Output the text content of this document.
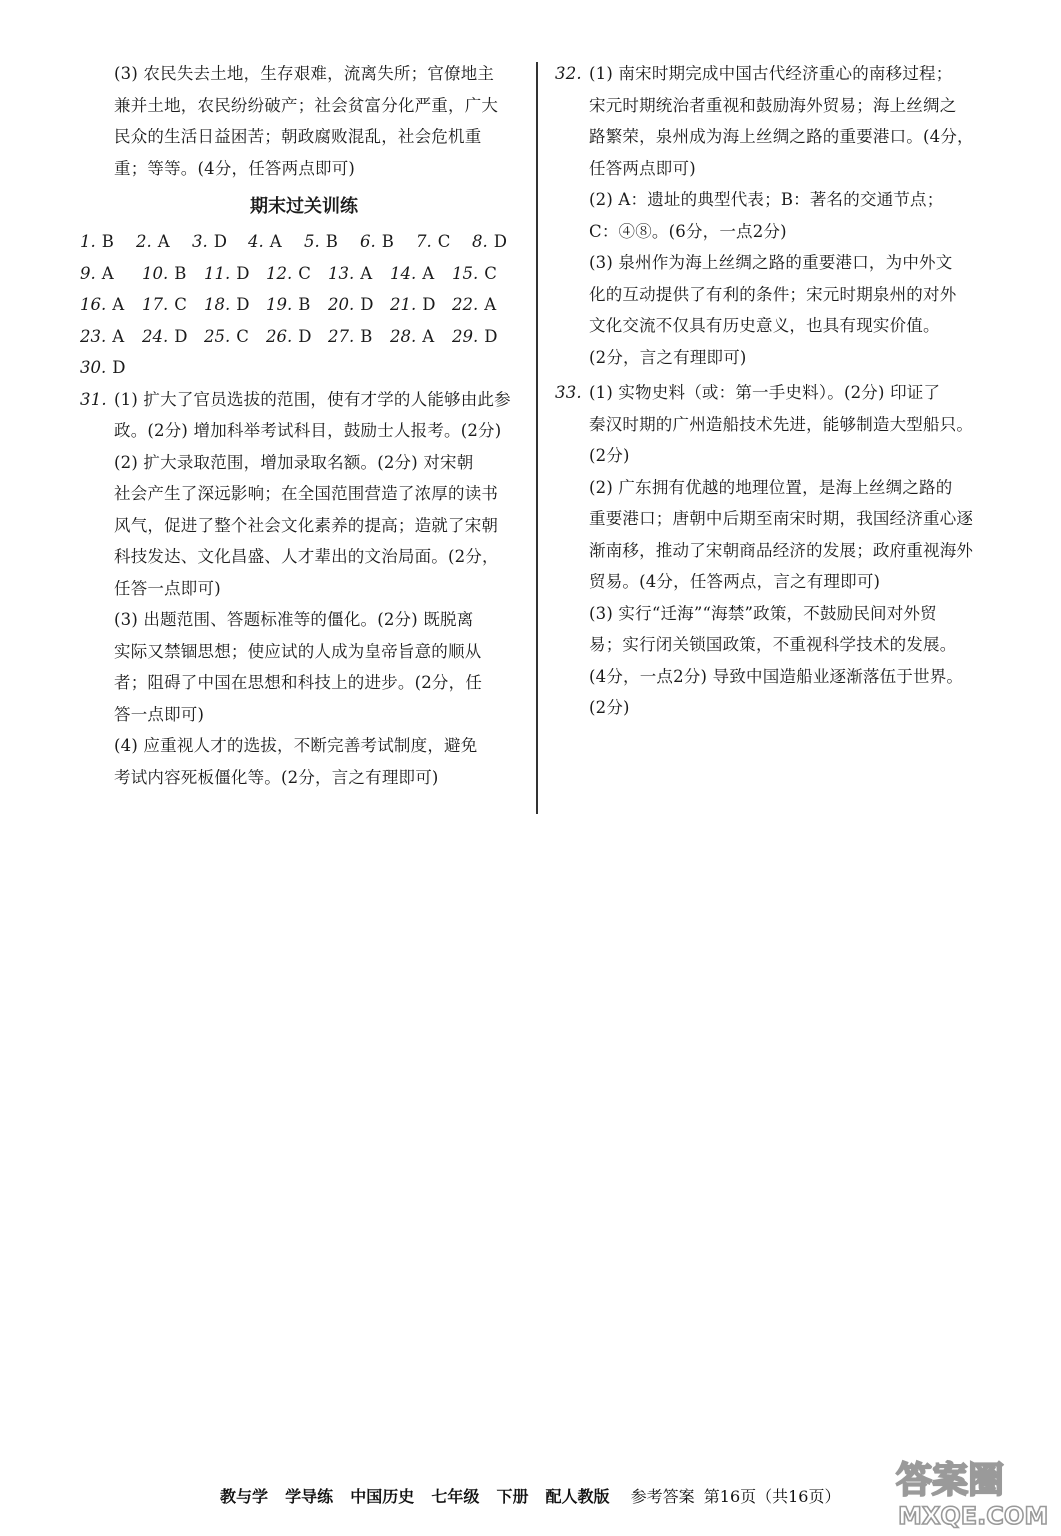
(3) 农民失去土地，生存艰难，流离失所；官僚地主
兼并土地，农民纷纷破产；社会贫富分化严重，广大
民众的生活日益困苦；朝政腐败混乱，社会危机重
重；等等。(4分，任答两点即可)
期末过关训练
1. B	2. A	3. D	4. A	5. B	6. B	7. C	8. D
9. A	10. B	11. D	12. C	13. A	14. A	15. C
16. A	17. C	18. D	19. B	20. D	21. D	22. A
23. A	24. D	25. C	26. D	27. B	28. A	29. D
30. D
31. (1) 扩大了官员选拔的范围，使有才学的人能够由此参
政。(2分) 增加科举考试科目，鼓励士人报考。(2分)
(2) 扩大录取范围，增加录取名额。(2分) 对宋朝
社会产生了深远影响；在全国范围营造了浓厚的读书
风气，促进了整个社会文化素养的提高；造就了宋朝
科技发达、文化昌盛、人才辈出的文治局面。(2分，
任答一点即可)
(3) 出题范围、答题标准等的僵化。(2分) 既脱离
实际又禁锢思想；使应试的人成为皇帝旨意的顺从
者；阻碍了中国在思想和科技上的进步。(2分，任
答一点即可)
(4) 应重视人才的选拔，不断完善考试制度，避免
考试内容死板僵化等。(2分，言之有理即可)
32. (1) 南宋时期完成中国古代经济重心的南移过程；
宋元时期统治者重视和鼓励海外贸易；海上丝绸之
路繁荣，泉州成为海上丝绸之路的重要港口。(4分，
任答两点即可)
(2) A：遗址的典型代表；B：著名的交通节点；
C：④⑧。(6分，一点2分)
(3) 泉州作为海上丝绸之路的重要港口，为中外文
化的互动提供了有利的条件；宋元时期泉州的对外
文化交流不仅具有历史意义，也具有现实价值。
(2分，言之有理即可)
33. (1) 实物史料（或：第一手史料）。(2分) 印证了
秦汉时期的广州造船技术先进，能够制造大型船只。
(2分)
(2) 广东拥有优越的地理位置，是海上丝绸之路的
重要港口；唐朝中后期至南宋时期，我国经济重心逐
渐南移，推动了宋朝商品经济的发展；政府重视海外
贸易。(4分，任答两点，言之有理即可)
(3) 实行“迁海”“海禁”政策，不鼓励民间对外贸
易；实行闭关锁国政策，不重视科学技术的发展。
(4分，一点2分) 导致中国造船业逐渐落伍于世界。
(2分)
教与学 学导练 中国历史 七年级 下册 配人教版 参考答案 第16页（共16页） 答案圈
MXQE.COM
